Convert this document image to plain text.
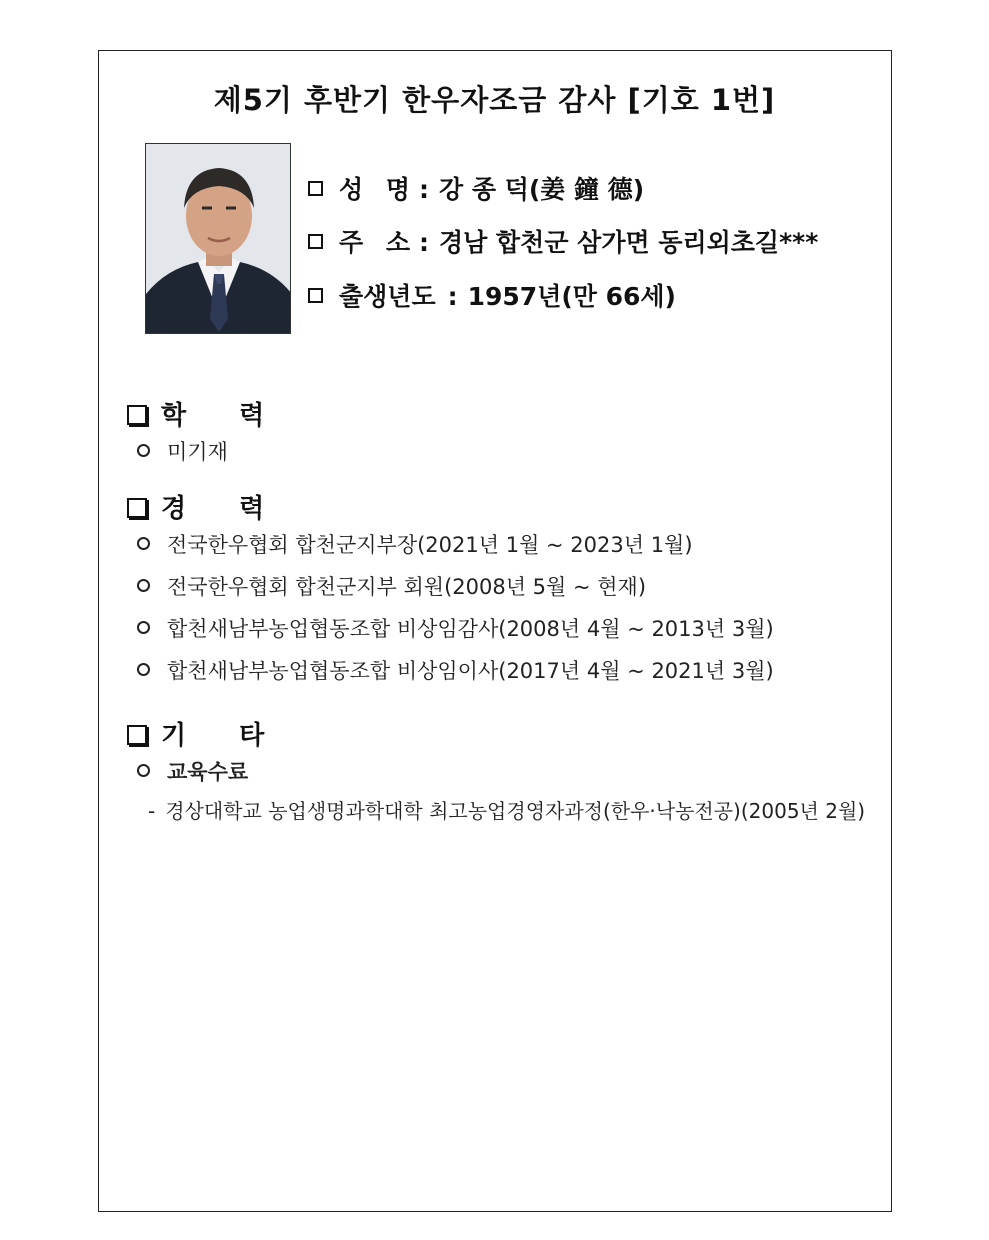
제5기 후반기 한우자조금 감사 [기호 1번]
성 명: 강 종 덕(姜 鐘 德)
주 소: 경남 합천군 삼가면 동리외초길***
출생년도 : 1957년(만 66세)
학 력
미기재
경 력
전국한우협회 합천군지부장(2021년 1월 ~ 2023년 1월)
전국한우협회 합천군지부 회원(2008년 5월 ~ 현재)
합천새남부농업협동조합 비상임감사(2008년 4월 ~ 2013년 3월)
합천새남부농업협동조합 비상임이사(2017년 4월 ~ 2021년 3월)
기 타
교육수료
- 경상대학교 농업생명과학대학 최고농업경영자과정(한우·낙농전공)(2005년 2월)
